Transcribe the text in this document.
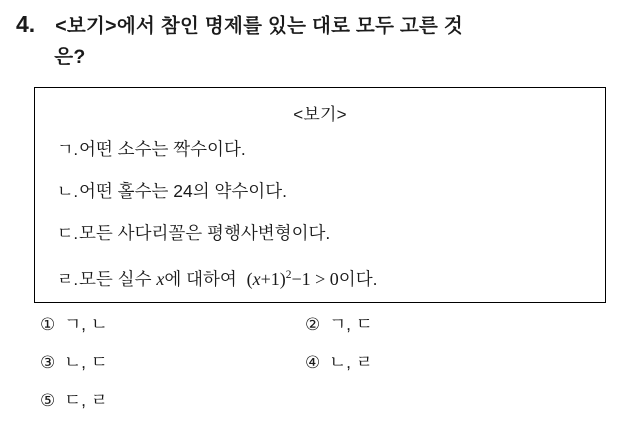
4. <보기>에서 참인 명제를 있는 대로 모두 고른 것
은?
<보기>
ㄱ.어떤 소수는 짝수이다.
ㄴ.어떤 홀수는 24의 약수이다.
ㄷ.모든 사다리꼴은 평행사변형이다.
ㄹ.모든 실수 x에 대하여 $(x+1)^2-1 > 0$이다.
① ㄱ, ㄴ	② ㄱ, ㄷ
③ ㄴ, ㄷ	④ ㄴ, ㄹ
⑤ ㄷ, ㄹ
